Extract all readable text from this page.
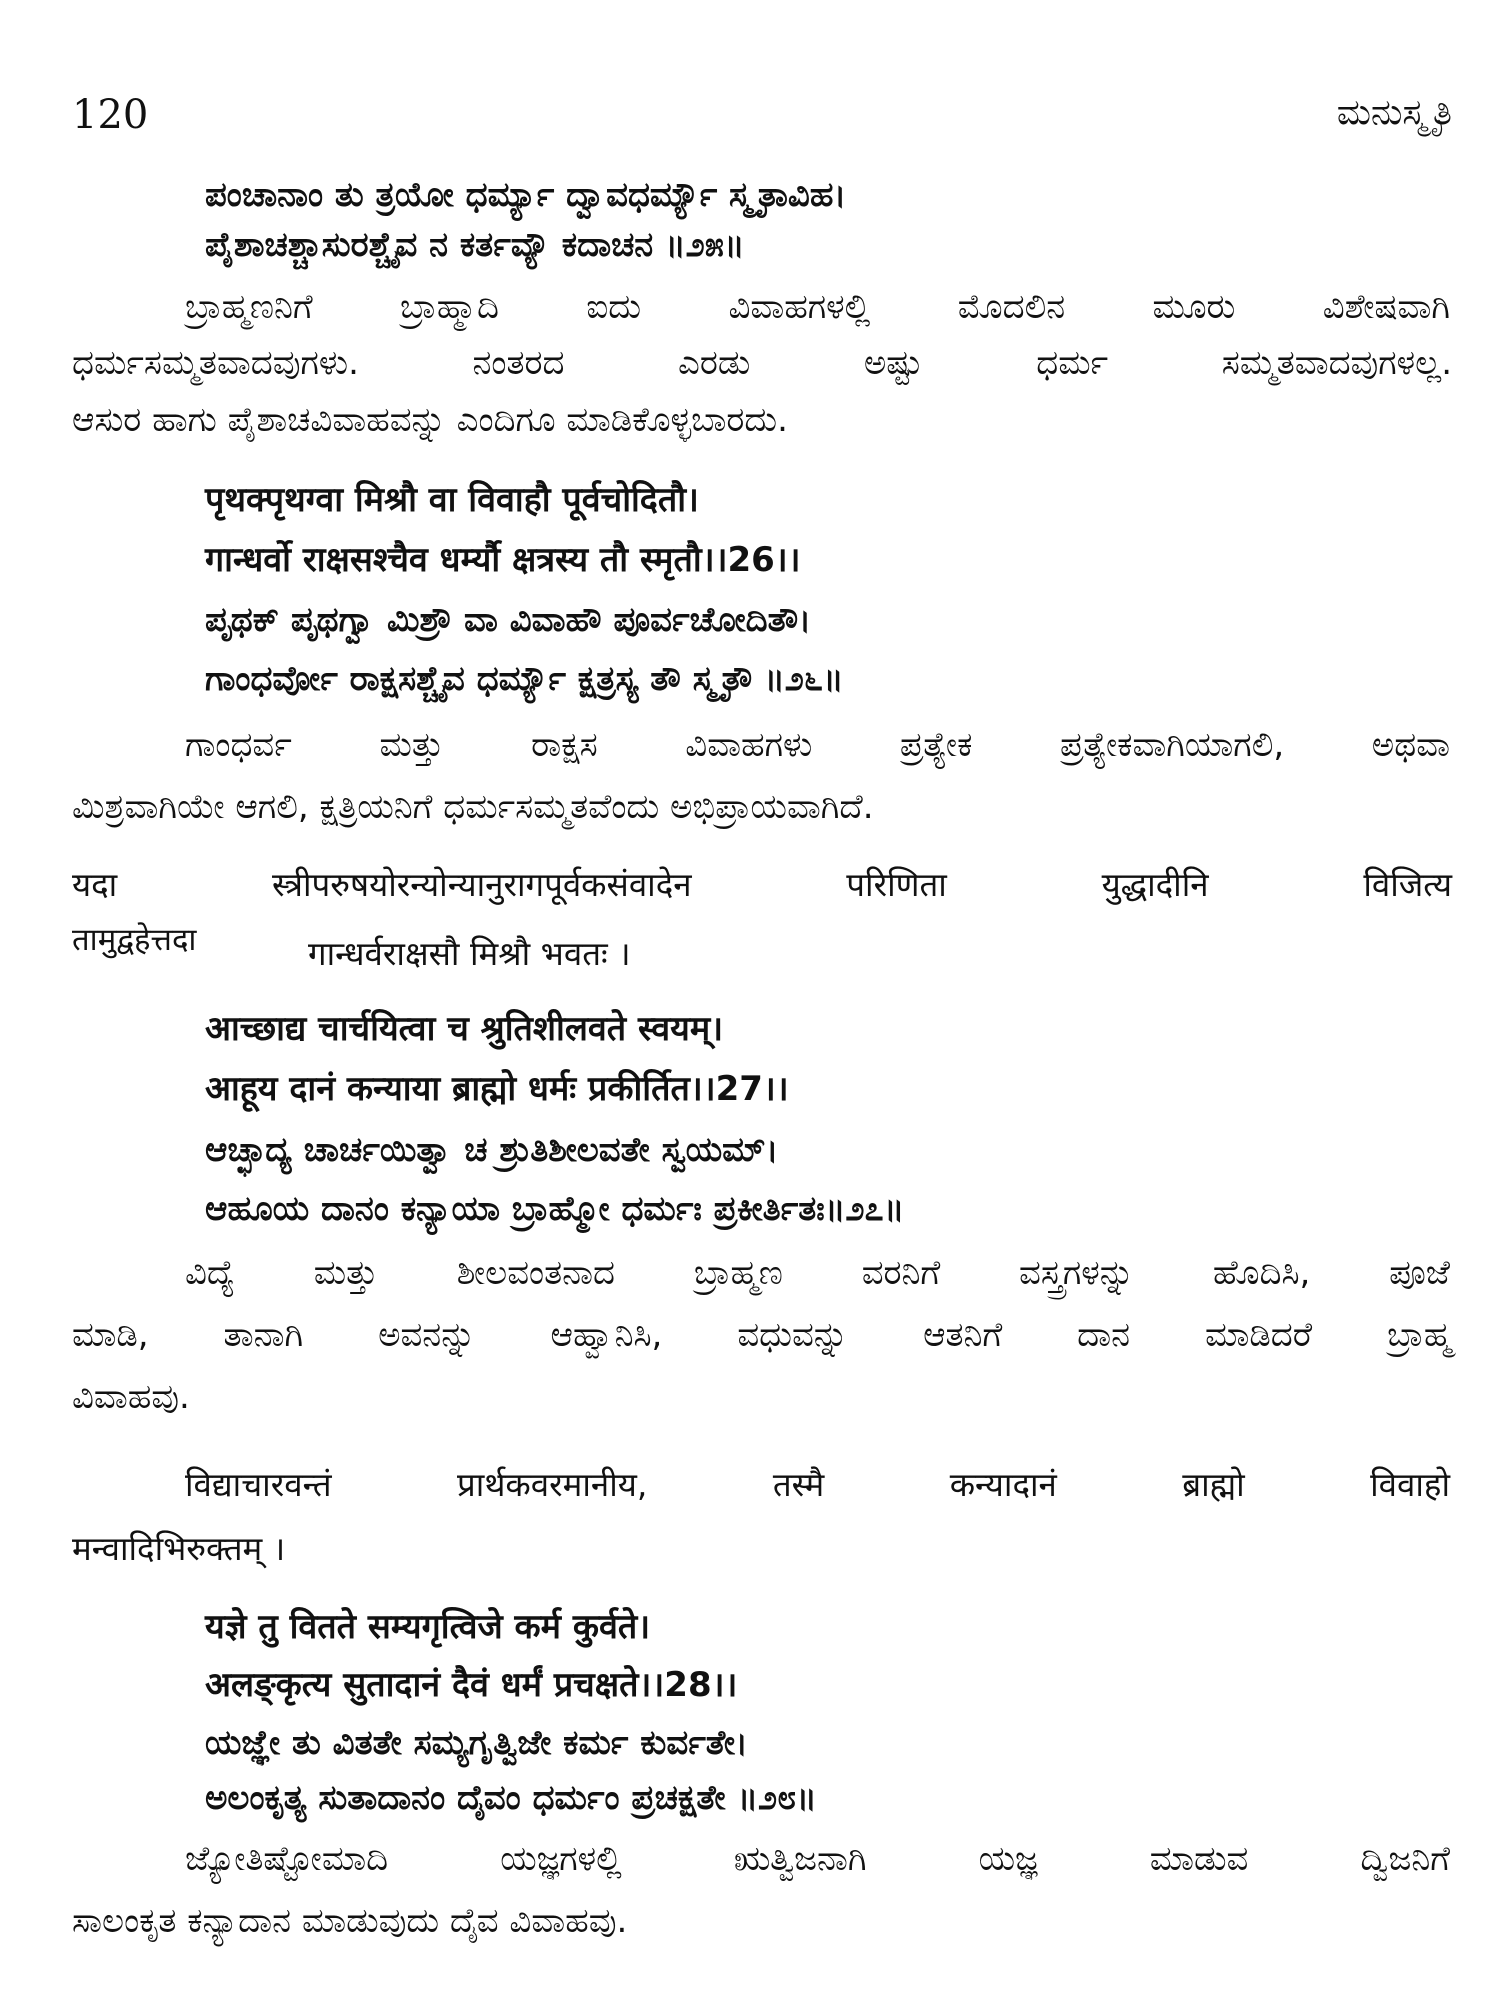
120	ಮನುಸ್ಮೃತಿ
ಪಂಚಾನಾಂ ತು ತ್ರಯೋ ಧರ್ಮ್ಯಾ ದ್ವಾವಧರ್ಮ್ಯೌ ಸ್ಮೃತಾವಿಹ।
ಪೈಶಾಚಶ್ಚಾಸುರಶ್ಚೈವ ನ ಕರ್ತವ್ಯೌ ಕದಾಚನ ॥೨೫॥
ಬ್ರಾಹ್ಮಣನಿಗೆ ಬ್ರಾಹ್ಮಾದಿ ಐದು ವಿವಾಹಗಳಲ್ಲಿ ಮೊದಲಿನ ಮೂರು ವಿಶೇಷವಾಗಿ
ಧರ್ಮಸಮ್ಮತವಾದವುಗಳು. ನಂತರದ ಎರಡು ಅಷ್ಟು ಧರ್ಮ ಸಮ್ಮತವಾದವುಗಳಲ್ಲ.
ಆಸುರ ಹಾಗು ಪೈಶಾಚವಿವಾಹವನ್ನು ಎಂದಿಗೂ ಮಾಡಿಕೊಳ್ಳಬಾರದು.
पृथक्पृथग्वा मिश्रौ वा विवाहौ पूर्वचोदितौ।
गान्धर्वो राक्षसश्चैव धर्म्यौ क्षत्रस्य तौ स्मृतौ।।26।।
ಪೃಥಕ್ ಪೃಥಗ್ವಾ ಮಿಶ್ರೌ ವಾ ವಿವಾಹೌ ಪೂರ್ವಚೋದಿತೌ।
ಗಾಂಧರ್ವೋ ರಾಕ್ಷಸಶ್ಚೈವ ಧರ್ಮ್ಯೌ ಕ್ಷತ್ರಸ್ಯ ತೌ ಸ್ಮೃತೌ ॥೨೬॥
ಗಾಂಧರ್ವ ಮತ್ತು ರಾಕ್ಷಸ ವಿವಾಹಗಳು ಪ್ರತ್ಯೇಕ ಪ್ರತ್ಯೇಕವಾಗಿಯಾಗಲಿ, ಅಥವಾ
ಮಿಶ್ರವಾಗಿಯೇ ಆಗಲಿ, ಕ್ಷತ್ರಿಯನಿಗೆ ಧರ್ಮಸಮ್ಮತವೆಂದು ಅಭಿಪ್ರಾಯವಾಗಿದೆ.
यदा स्त्रीपरुषयोरन्योन्यानुरागपूर्वकसंवादेन परिणिता युद्धादीनि विजित्य
तामुद्वहेत्तदा	गान्धर्वराक्षसौ मिश्रौ भवतः ।
आच्छाद्य चार्चयित्वा च श्रुतिशीलवते स्वयम्।
आहूय दानं कन्याया ब्राह्मो धर्मः प्रकीर्तित।।27।।
ಆಚ್ಛಾದ್ಯ ಚಾರ್ಚಯಿತ್ವಾ ಚ ಶ್ರುತಿಶೀಲವತೇ ಸ್ವಯಮ್।
ಆಹೂಯ ದಾನಂ ಕನ್ಯಾಯಾ ಬ್ರಾಹ್ಮೋ ಧರ್ಮಃ ಪ್ರಕೀರ್ತಿತಃ॥೨೭॥
ವಿದ್ಯೆ ಮತ್ತು ಶೀಲವಂತನಾದ ಬ್ರಾಹ್ಮಣ ವರನಿಗೆ ವಸ್ತ್ರಗಳನ್ನು ಹೊದಿಸಿ, ಪೂಜೆ
ಮಾಡಿ, ತಾನಾಗಿ ಅವನನ್ನು ಆಹ್ವಾನಿಸಿ, ವಧುವನ್ನು ಆತನಿಗೆ ದಾನ ಮಾಡಿದರೆ ಬ್ರಾಹ್ಮ
ವಿವಾಹವು.
विद्याचारवन्तं प्रार्थकवरमानीय, तस्मै कन्यादानं ब्राह्मो विवाहो
मन्वादिभिरुक्तम् ।
यज्ञे तु वितते सम्यगृत्विजे कर्म कुर्वते।
अलङ्कृत्य सुतादानं दैवं धर्मं प्रचक्षते।।28।।
ಯಜ್ಞೇ ತು ವಿತತೇ ಸಮ್ಯಗೃತ್ವಿಜೇ ಕರ್ಮ ಕುರ್ವತೇ।
ಅಲಂಕೃತ್ಯ ಸುತಾದಾನಂ ದೈವಂ ಧರ್ಮಂ ಪ್ರಚಕ್ಷತೇ ॥೨೮॥
ಜ್ಯೋತಿಷ್ಟೋಮಾದಿ ಯಜ್ಞಗಳಲ್ಲಿ ಋತ್ವಿಜನಾಗಿ ಯಜ್ಞ ಮಾಡುವ ದ್ವಿಜನಿಗೆ
ಸಾಲಂಕೃತ ಕನ್ಯಾದಾನ ಮಾಡುವುದು ದೈವ ವಿವಾಹವು.
